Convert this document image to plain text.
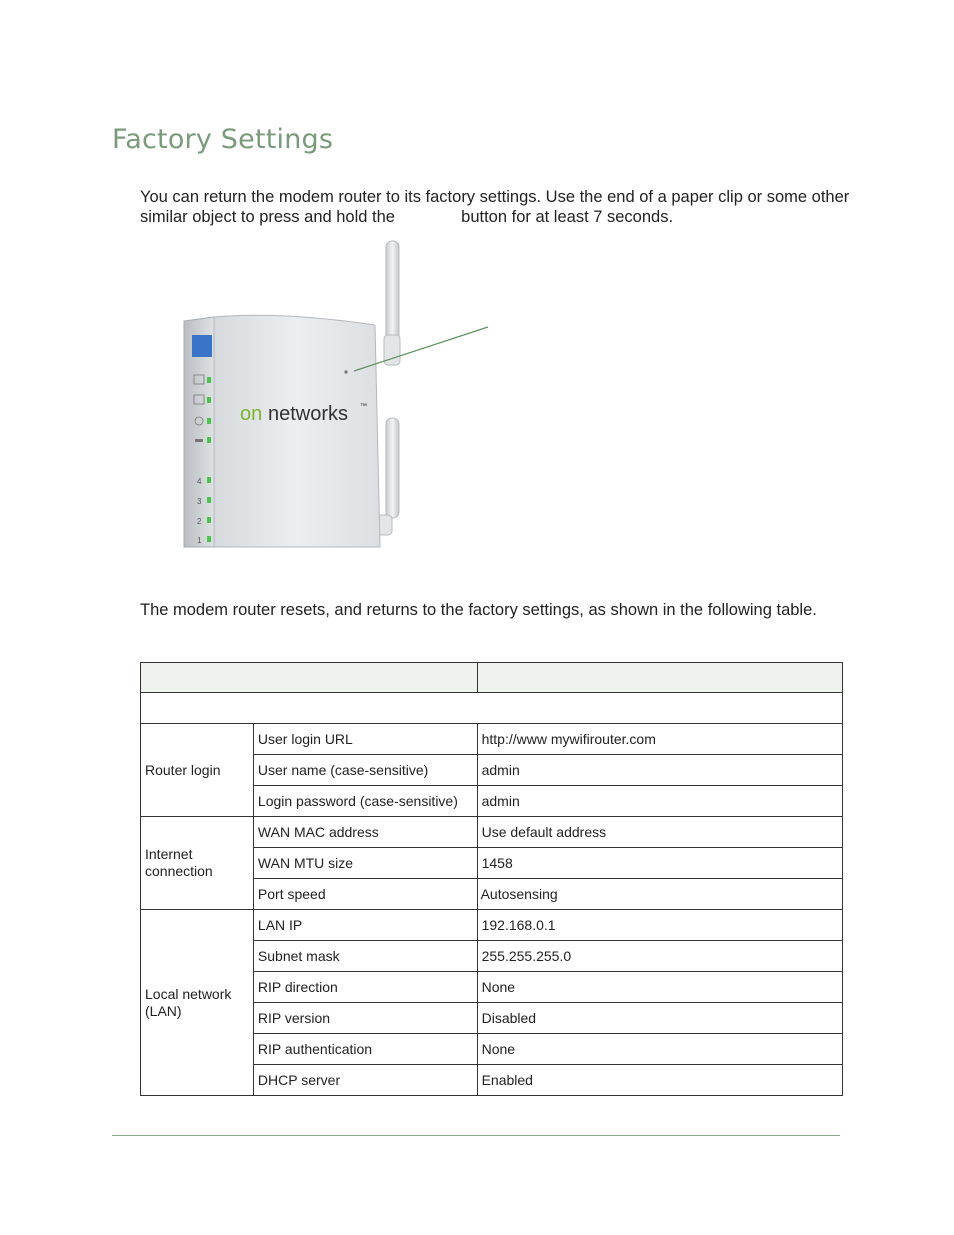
Factory Settings

You can return the modem router to its factory settings. Use the end of a paper clip or some other similar object to press and hold the	button for at least 7 seconds.

4
3
2
1
on networks ™

The modem router resets, and returns to the factory settings, as shown in the following table.

Router login	User login URL	http://www mywifirouter.com
	User name (case-sensitive)	admin
	Login password (case-sensitive)	admin
Internet connection	WAN MAC address	Use default address
	WAN MTU size	1458
	Port speed	Autosensing
Local network (LAN)	LAN IP	192.168.0.1
	Subnet mask	255.255.255.0
	RIP direction	None
	RIP version	Disabled
	RIP authentication	None
	DHCP server	Enabled
